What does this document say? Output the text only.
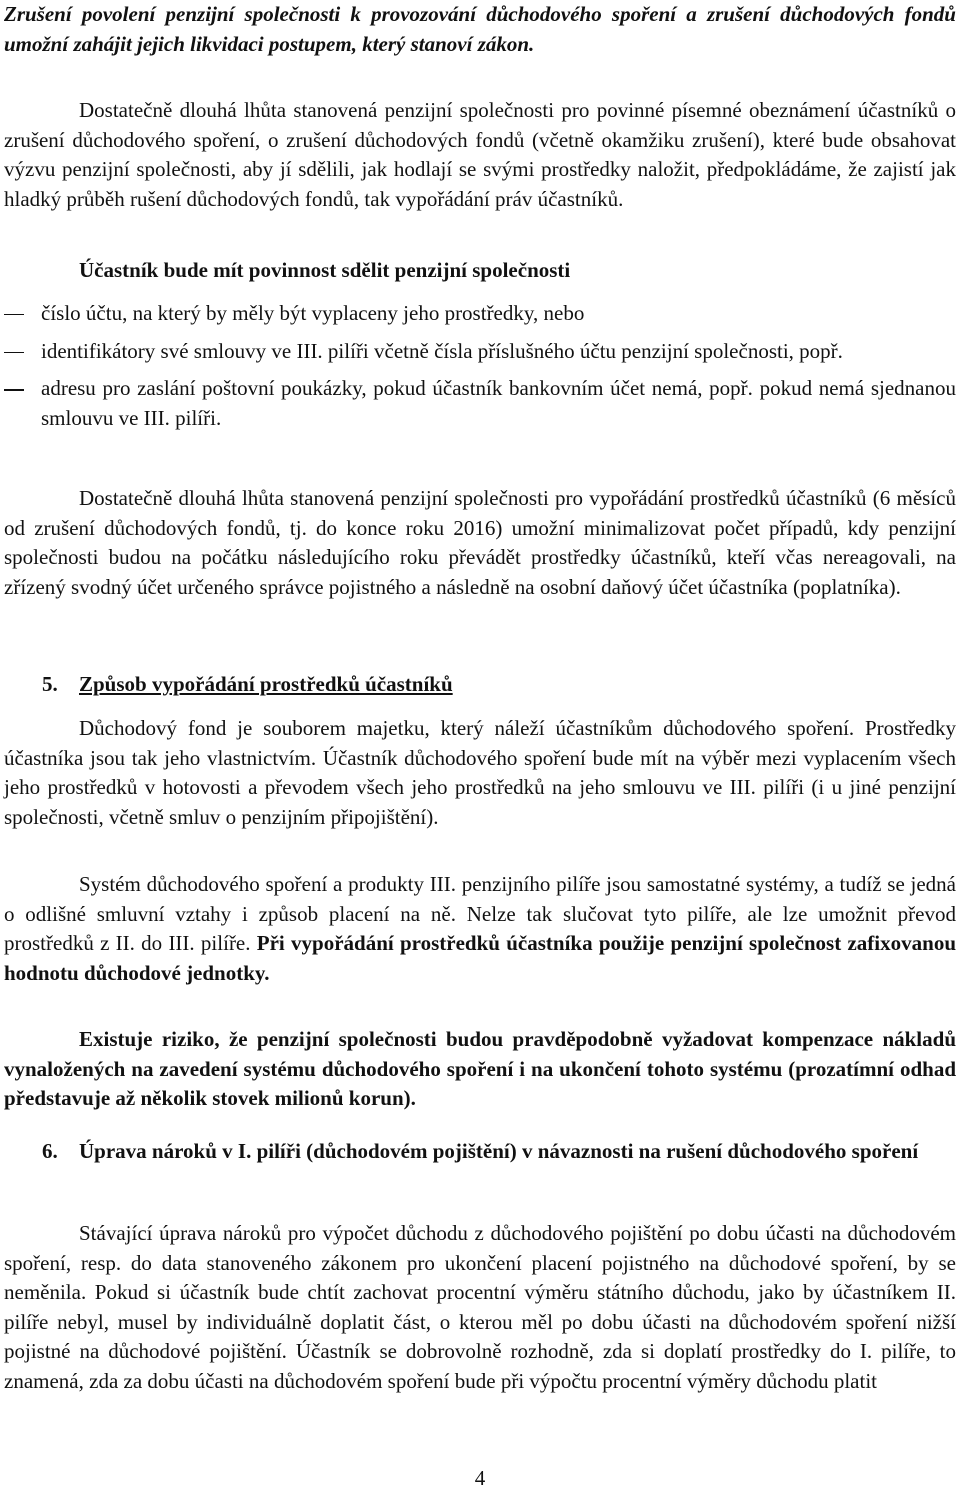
Zrušení povolení penzijní společnosti k provozování důchodového spoření a zrušení důchodových fondů umožní zahájit jejich likvidaci postupem, který stanoví zákon.

Dostatečně dlouhá lhůta stanovená penzijní společnosti pro povinné písemné obeznámení účastníků o zrušení důchodového spoření, o zrušení důchodových fondů (včetně okamžiku zrušení), které bude obsahovat výzvu penzijní společnosti, aby jí sdělili, jak hodlají se svými prostředky naložit, předpokládáme, že zajistí jak hladký průběh rušení důchodových fondů, tak vypořádání práv účastníků.

Účastník bude mít povinnost sdělit penzijní společnosti

číslo účtu, na který by měly být vyplaceny jeho prostředky, nebo
identifikátory své smlouvy ve III. pilíři včetně čísla příslušného účtu penzijní společnosti, popř.
adresu pro zaslání poštovní poukázky, pokud účastník bankovním účet nemá, popř. pokud nemá sjednanou smlouvu ve III. pilíři.

Dostatečně dlouhá lhůta stanovená penzijní společnosti pro vypořádání prostředků účastníků (6 měsíců od zrušení důchodových fondů, tj. do konce roku 2016) umožní minimalizovat počet případů, kdy penzijní společnosti budou na počátku následujícího roku převádět prostředky účastníků, kteří včas nereagovali, na zřízený svodný účet určeného správce pojistného a následně na osobní daňový účet účastníka (poplatníka).

5.	Způsob vypořádání prostředků účastníků

Důchodový fond je souborem majetku, který náleží účastníkům důchodového spoření. Prostředky účastníka jsou tak jeho vlastnictvím. Účastník důchodového spoření bude mít na výběr mezi vyplacením všech jeho prostředků v hotovosti a převodem všech jeho prostředků na jeho smlouvu ve III. pilíři (i u jiné penzijní společnosti, včetně smluv o penzijním připojištění).

Systém důchodového spoření a produkty III. penzijního pilíře jsou samostatné systémy, a tudíž se jedná o odlišné smluvní vztahy i způsob placení na ně. Nelze tak slučovat tyto pilíře, ale lze umožnit převod prostředků z II. do III. pilíře. Při vypořádání prostředků účastníka použije penzijní společnost zafixovanou hodnotu důchodové jednotky.

Existuje riziko, že penzijní společnosti budou pravděpodobně vyžadovat kompenzace nákladů vynaložených na zavedení systému důchodového spoření i na ukončení tohoto systému (prozatímní odhad představuje až několik stovek milionů korun).

6.	Úprava nároků v I. pilíři (důchodovém pojištění) v návaznosti na rušení důchodového spoření

Stávající úprava nároků pro výpočet důchodu z důchodového pojištění po dobu účasti na důchodovém spoření, resp. do data stanoveného zákonem pro ukončení placení pojistného na důchodové spoření, by se neměnila. Pokud si účastník bude chtít zachovat procentní výměru státního důchodu, jako by účastníkem II. pilíře nebyl, musel by individuálně doplatit část, o kterou měl po dobu účasti na důchodovém spoření nižší pojistné na důchodové pojištění. Účastník se dobrovolně rozhodně, zda si doplatí prostředky do I. pilíře, to znamená, zda za dobu účasti na důchodovém spoření bude při výpočtu procentní výměry důchodu platit

4
